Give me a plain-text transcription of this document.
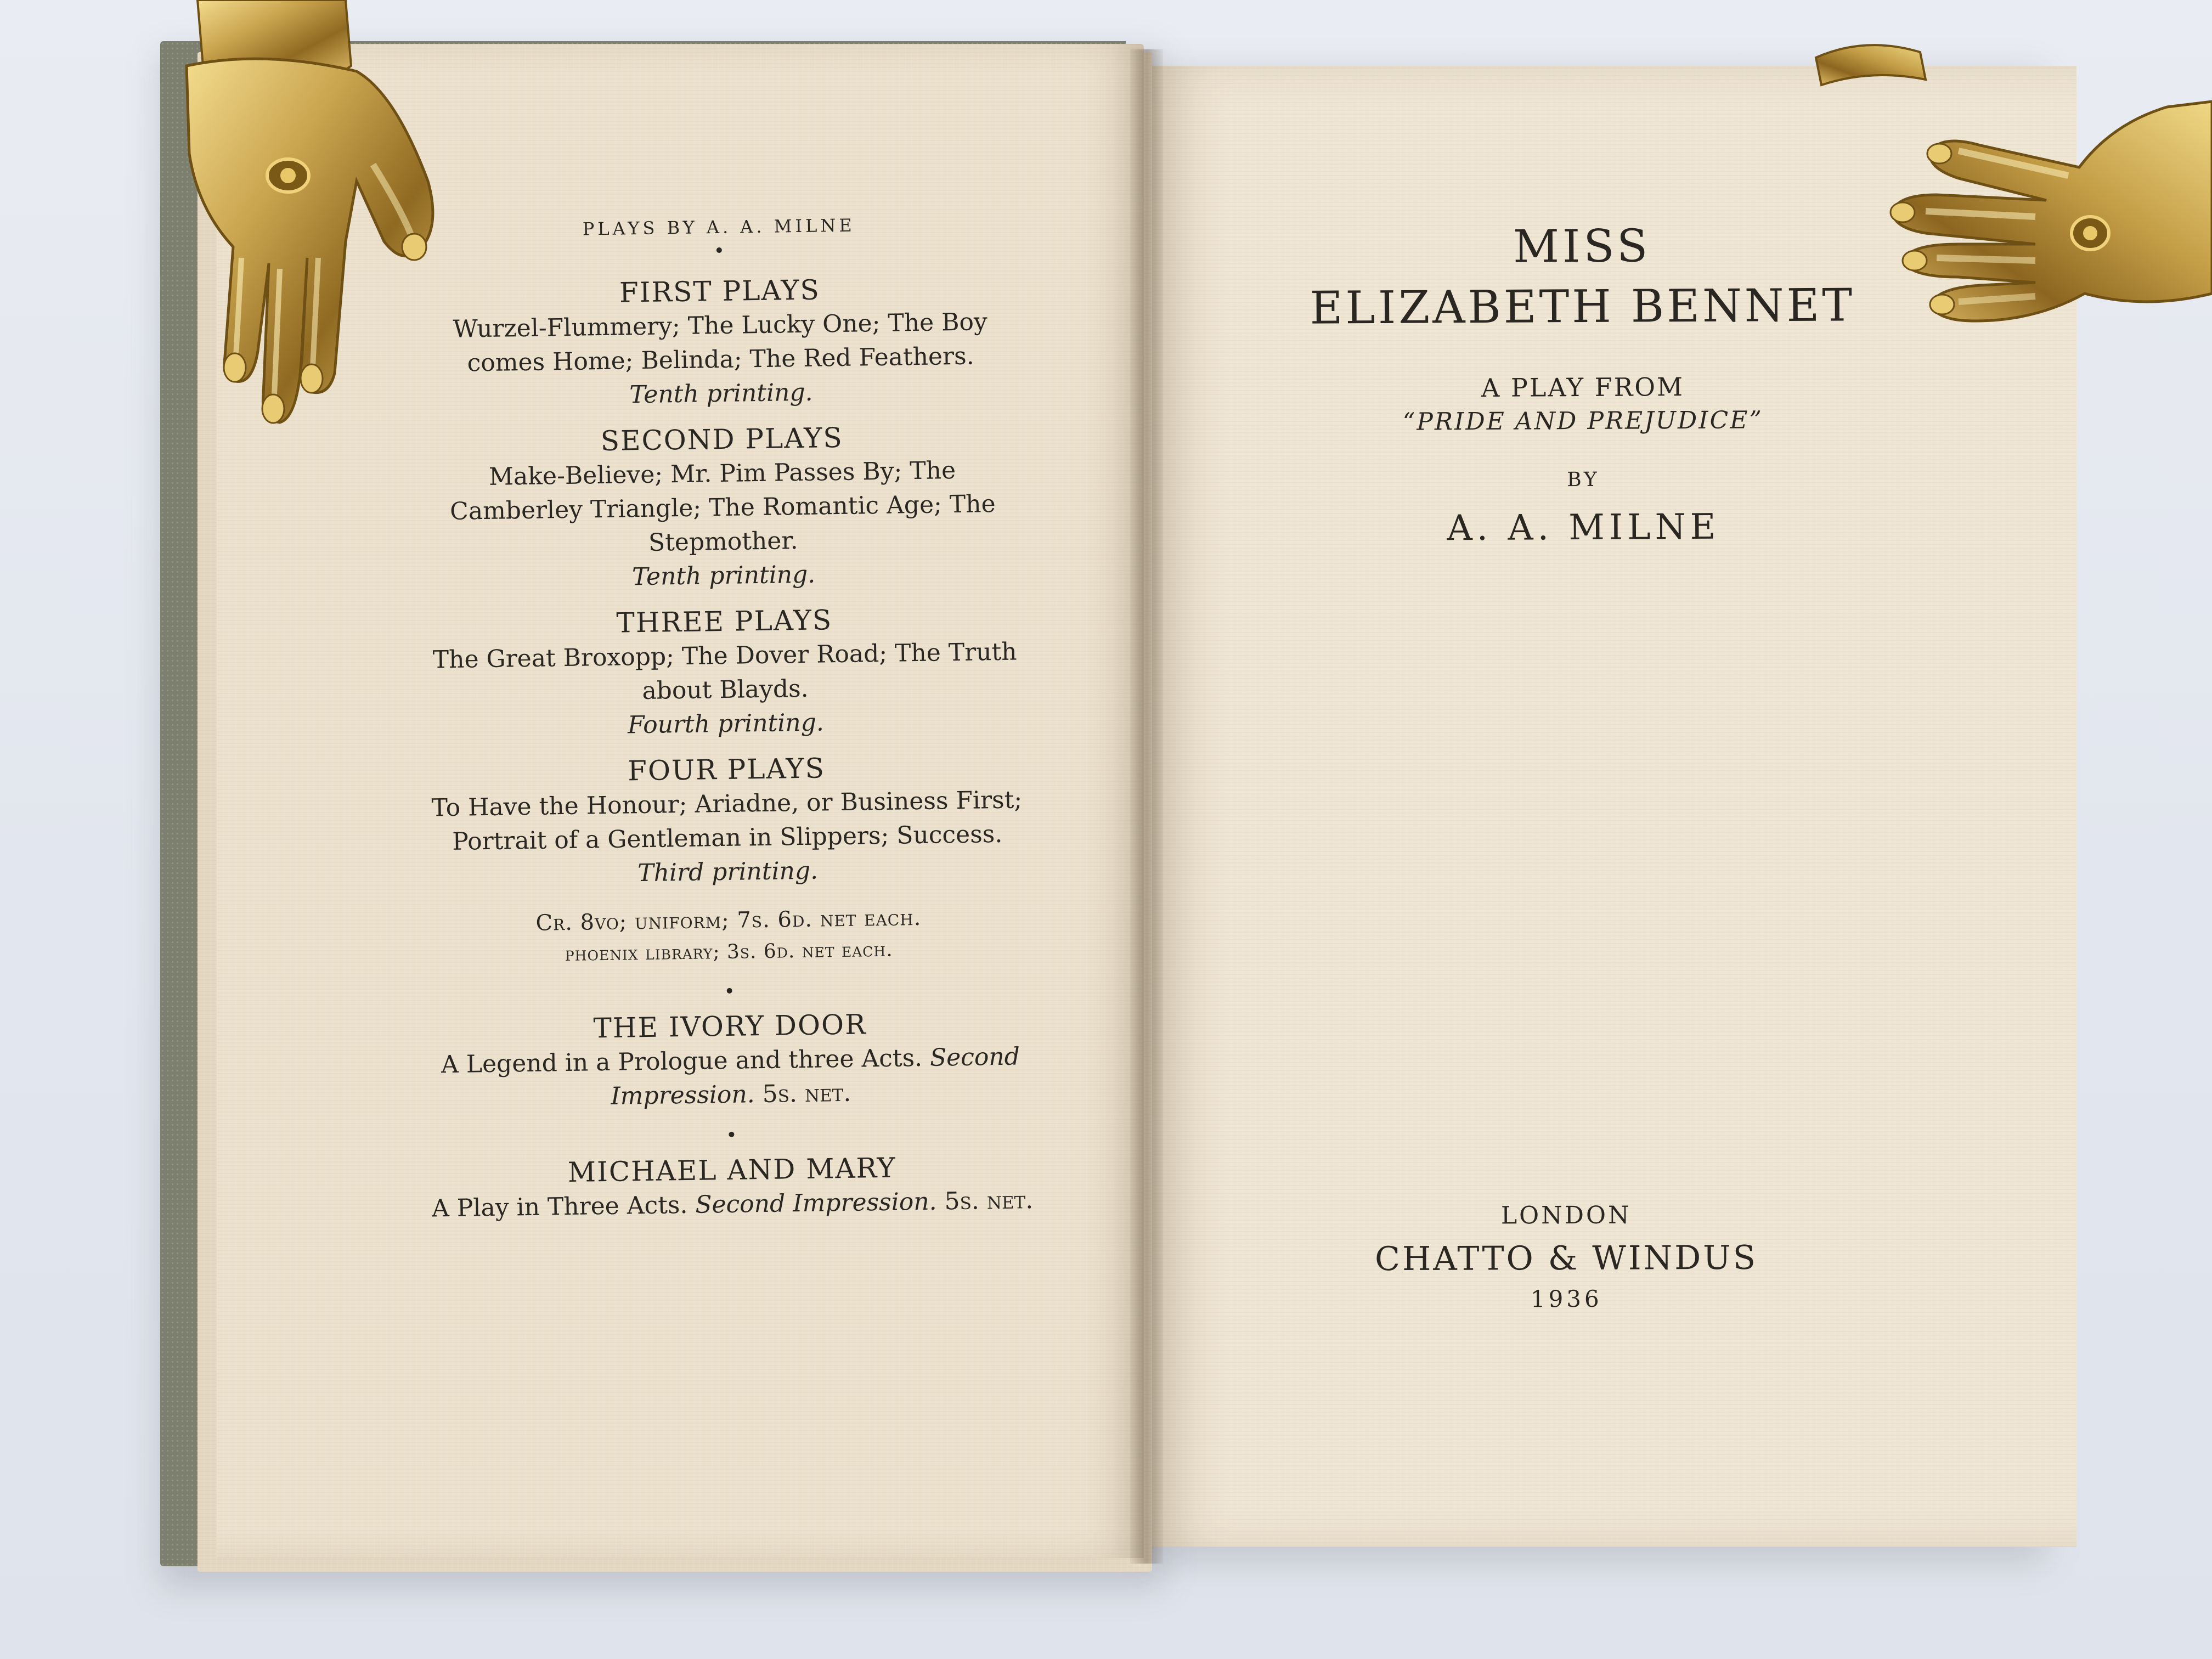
PLAYS BY A. A. MILNE
FIRST PLAYS
Wurzel-Flummery; The Lucky One; The Boy comes Home; Belinda; The Red Feathers.
Tenth printing.
SECOND PLAYS
Make-Believe; Mr. Pim Passes By; The Camberley Triangle; The Romantic Age; The Stepmother.
Tenth printing.
THREE PLAYS
The Great Broxopp; The Dover Road; The Truth about Blayds.
Fourth printing.
FOUR PLAYS
To Have the Honour; Ariadne, or Business First; Portrait of a Gentleman in Slippers; Success.
Third printing.
Cr. 8vo; uniform; 7s. 6d. net each.
phoenix library; 3s. 6d. net each.
THE IVORY DOOR
A Legend in a Prologue and three Acts. Second Impression. 5s. net.
MICHAEL AND MARY
A Play in Three Acts. Second Impression. 5s. net.
MISS
ELIZABETH BENNET
A PLAY FROM
“PRIDE AND PREJUDICE”
BY
A. A. MILNE
LONDON
CHATTO & WINDUS
1936
